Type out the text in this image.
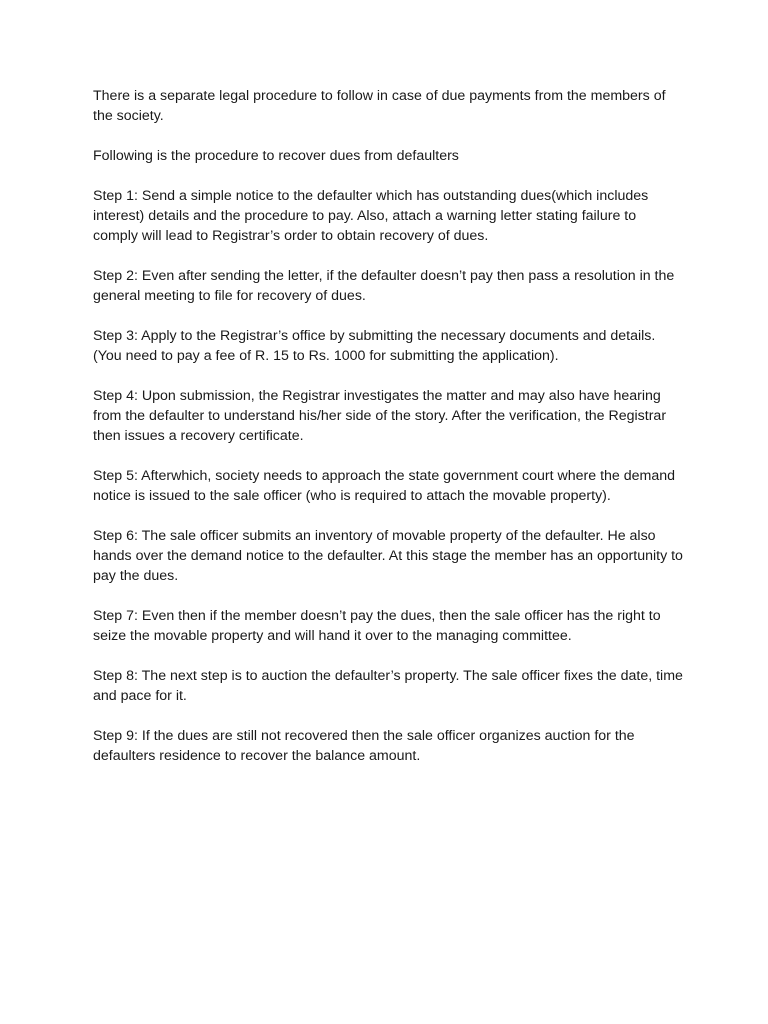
There is a separate legal procedure to follow in case of due payments from the members of the society.

Following is the procedure to recover dues from defaulters

Step 1: Send a simple notice to the defaulter which has outstanding dues(which includes interest) details and the procedure to pay. Also, attach a warning letter stating failure to comply will lead to Registrar’s order to obtain recovery of dues.

Step 2: Even after sending the letter, if the defaulter doesn’t pay then pass a resolution in the general meeting to file for recovery of dues.

Step 3: Apply to the Registrar’s office by submitting the necessary documents and details. (You need to pay a fee of R. 15 to Rs. 1000 for submitting the application).

Step 4: Upon submission, the Registrar investigates the matter and may also have hearing from the defaulter to understand his/her side of the story. After the verification, the Registrar then issues a recovery certificate.

Step 5: Afterwhich, society needs to approach the state government court where the demand notice is issued to the sale officer (who is required to attach the movable property).

Step 6: The sale officer submits an inventory of movable property of the defaulter. He also hands over the demand notice to the defaulter. At this stage the member has an opportunity to pay the dues.

Step 7: Even then if the member doesn’t pay the dues, then the sale officer has the right to seize the movable property and will hand it over to the managing committee.

Step 8: The next step is to auction the defaulter’s property. The sale officer fixes the date, time and pace for it.

Step 9: If the dues are still not recovered then the sale officer organizes auction for the defaulters residence to recover the balance amount.
